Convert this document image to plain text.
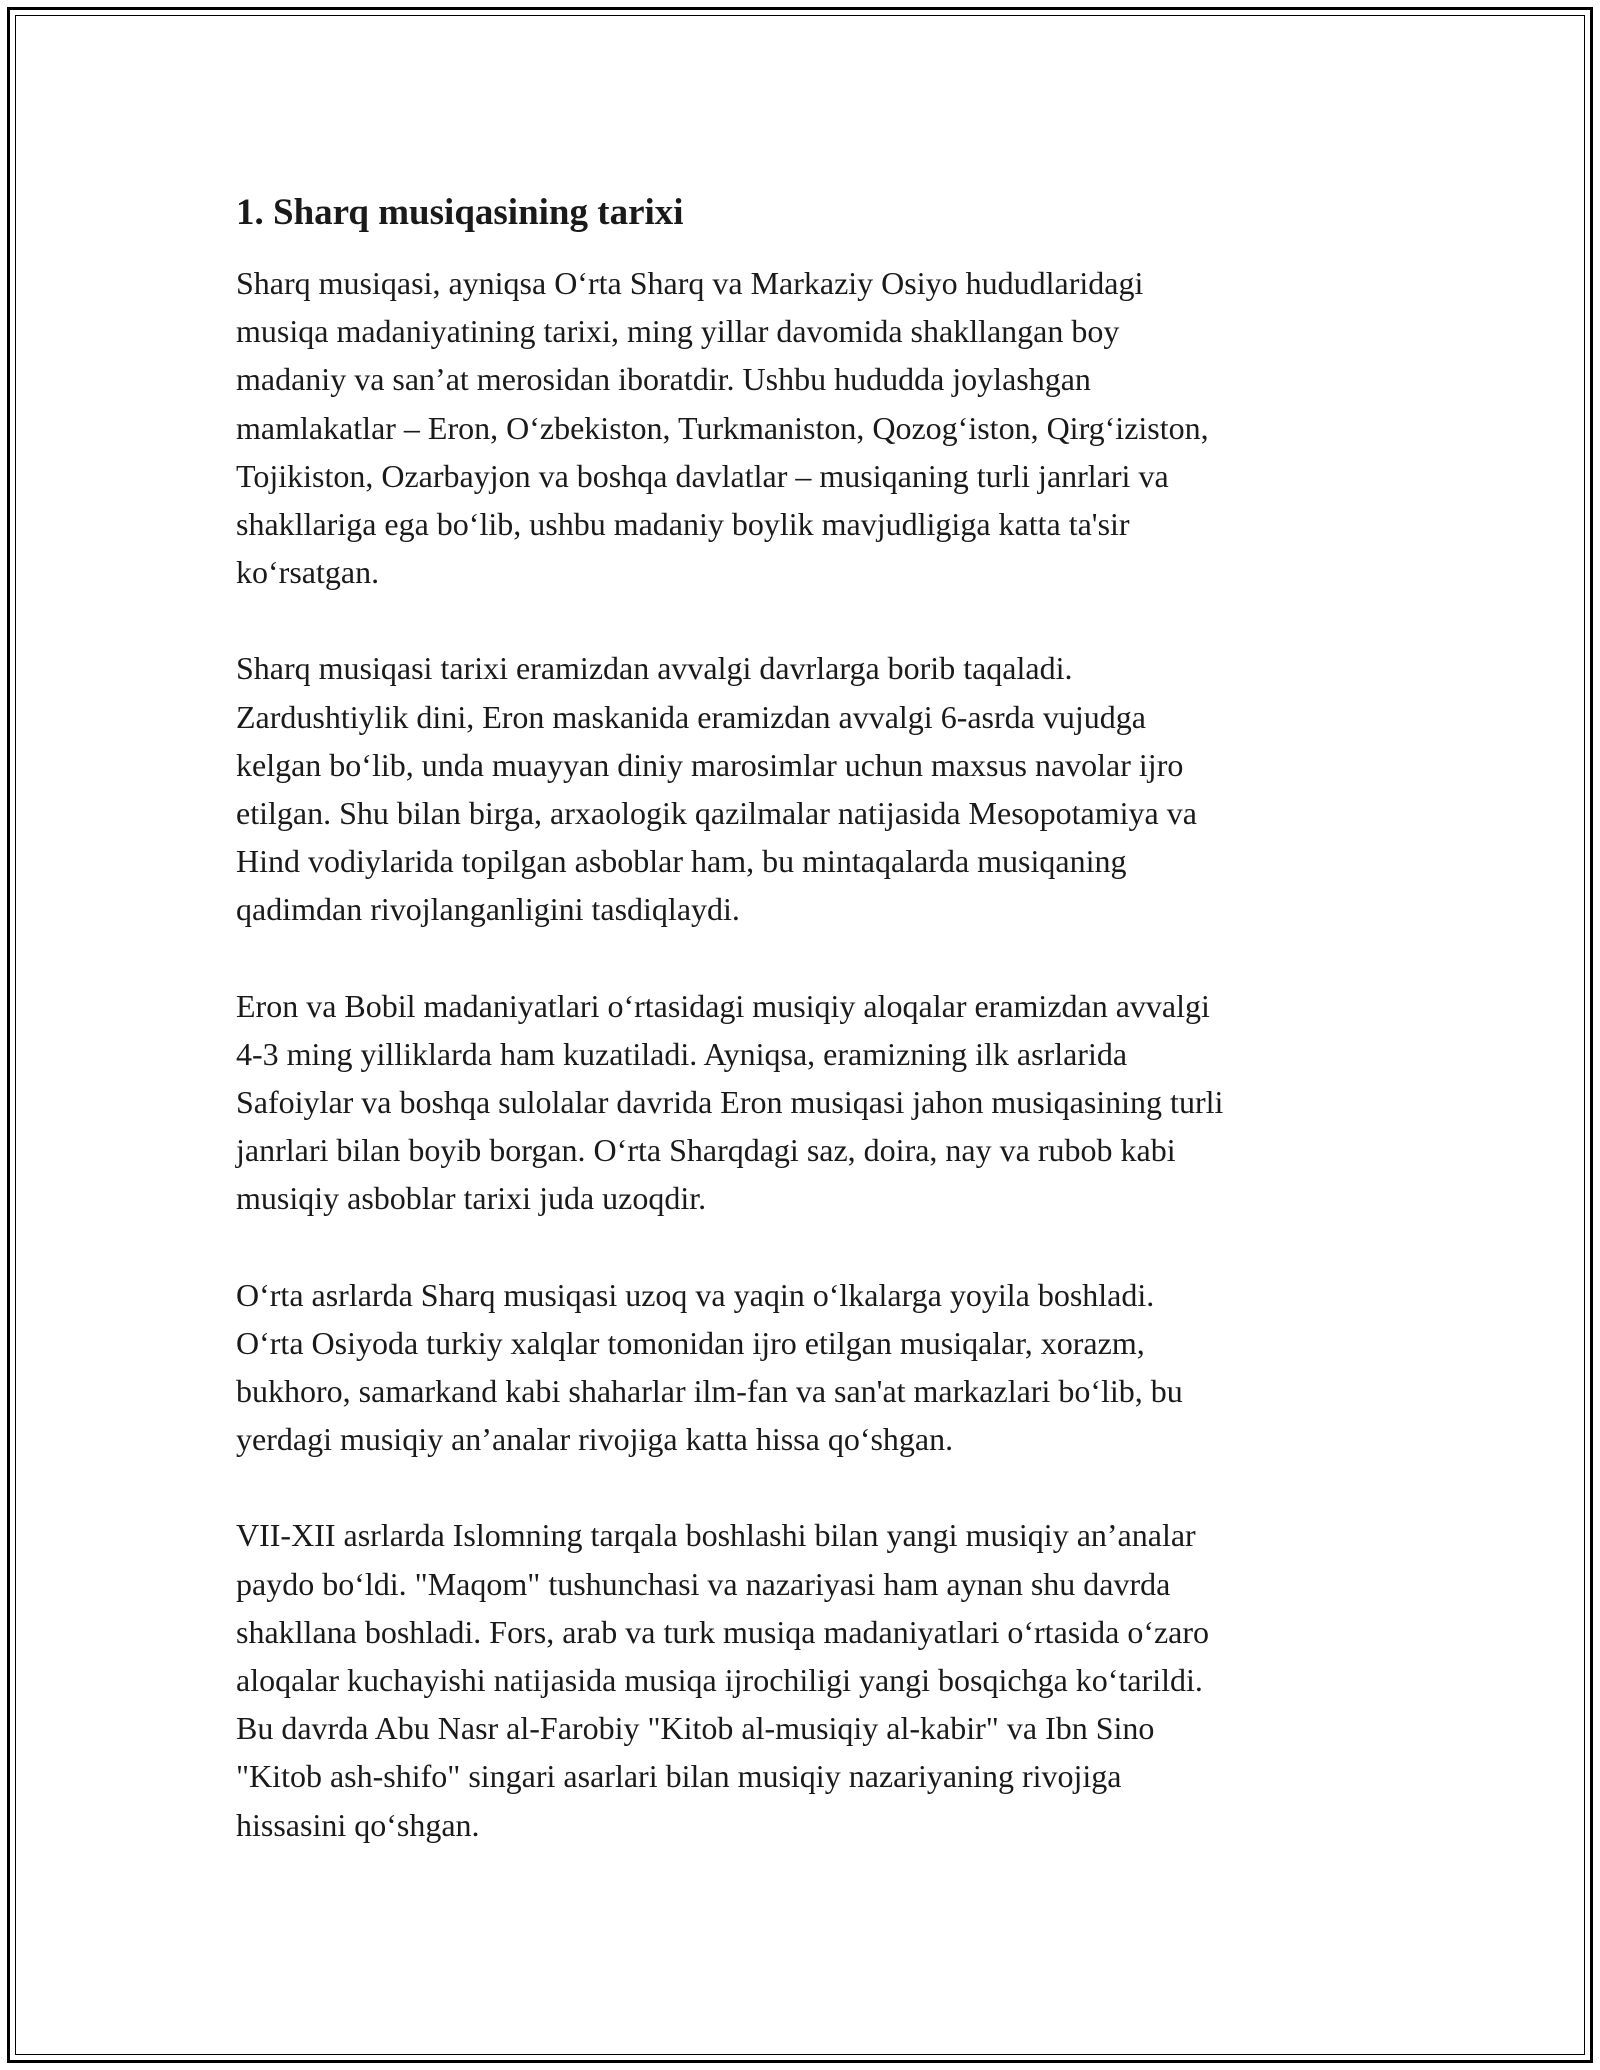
1. Sharq musiqasining tarixi

Sharq musiqasi, ayniqsa O‘rta Sharq va Markaziy Osiyo hududlaridagi
musiqa madaniyatining tarixi, ming yillar davomida shakllangan boy
madaniy va san’at merosidan iboratdir. Ushbu hududda joylashgan
mamlakatlar – Eron, O‘zbekiston, Turkmaniston, Qozog‘iston, Qirg‘iziston,
Tojikiston, Ozarbayjon va boshqa davlatlar – musiqaning turli janrlari va
shakllariga ega bo‘lib, ushbu madaniy boylik mavjudligiga katta ta'sir
ko‘rsatgan.

Sharq musiqasi tarixi eramizdan avvalgi davrlarga borib taqaladi.
Zardushtiylik dini, Eron maskanida eramizdan avvalgi 6-asrda vujudga
kelgan bo‘lib, unda muayyan diniy marosimlar uchun maxsus navolar ijro
etilgan. Shu bilan birga, arxaologik qazilmalar natijasida Mesopotamiya va
Hind vodiylarida topilgan asboblar ham, bu mintaqalarda musiqaning
qadimdan rivojlanganligini tasdiqlaydi.

Eron va Bobil madaniyatlari o‘rtasidagi musiqiy aloqalar eramizdan avvalgi
4-3 ming yilliklarda ham kuzatiladi. Ayniqsa, eramizning ilk asrlarida
Safoiylar va boshqa sulolalar davrida Eron musiqasi jahon musiqasining turli
janrlari bilan boyib borgan. O‘rta Sharqdagi saz, doira, nay va rubob kabi
musiqiy asboblar tarixi juda uzoqdir.

O‘rta asrlarda Sharq musiqasi uzoq va yaqin o‘lkalarga yoyila boshladi.
O‘rta Osiyoda turkiy xalqlar tomonidan ijro etilgan musiqalar, xorazm,
bukhoro, samarkand kabi shaharlar ilm-fan va san'at markazlari bo‘lib, bu
yerdagi musiqiy an’analar rivojiga katta hissa qo‘shgan.

VII-XII asrlarda Islomning tarqala boshlashi bilan yangi musiqiy an’analar
paydo bo‘ldi. "Maqom" tushunchasi va nazariyasi ham aynan shu davrda
shakllana boshladi. Fors, arab va turk musiqa madaniyatlari o‘rtasida o‘zaro
aloqalar kuchayishi natijasida musiqa ijrochiligi yangi bosqichga ko‘tarildi.
Bu davrda Abu Nasr al-Farobiy "Kitob al-musiqiy al-kabir" va Ibn Sino
"Kitob ash-shifo" singari asarlari bilan musiqiy nazariyaning rivojiga
hissasini qo‘shgan.
